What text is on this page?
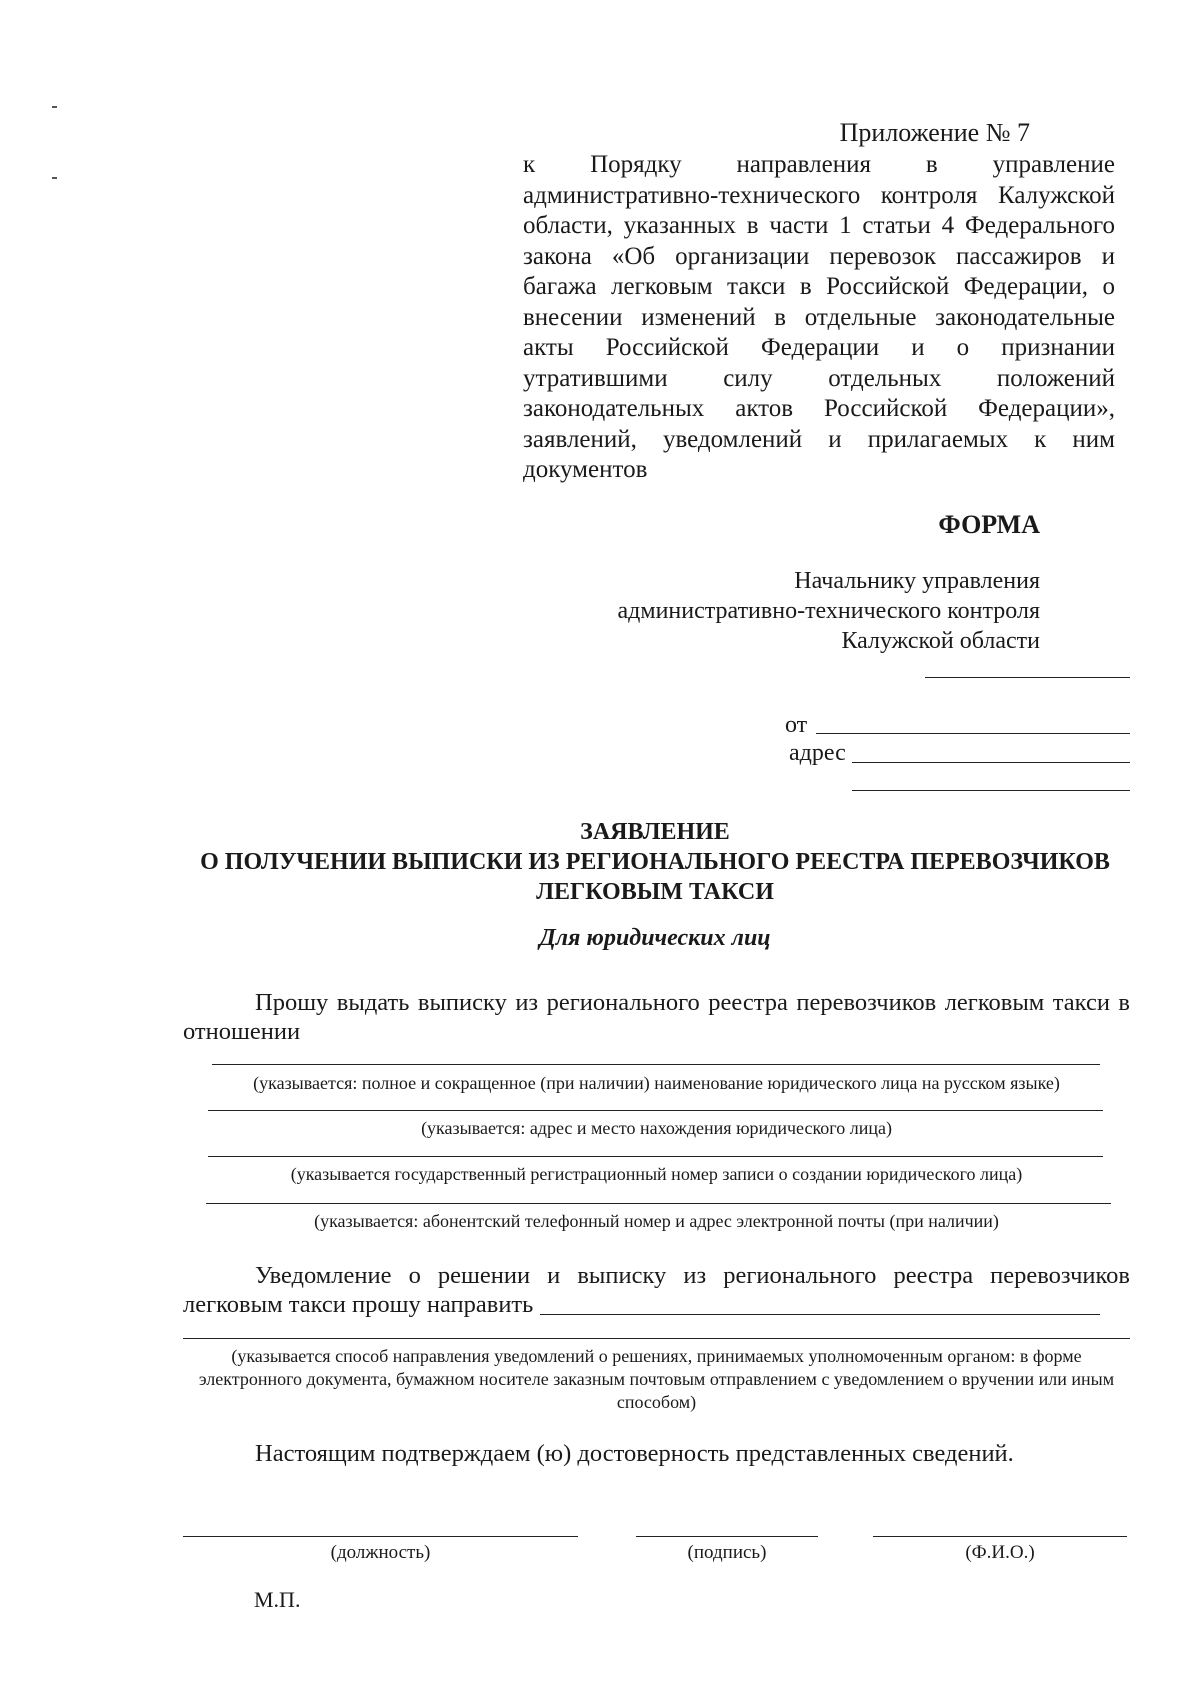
Приложение № 7
к Порядку направления в управление административно-технического контроля Калужской области, указанных в части 1 статьи 4 Федерального закона «Об организации перевозок пассажиров и багажа легковым такси в Российской Федерации, о внесении изменений в отдельные законодательные акты Российской Федерации и о признании утратившими силу отдельных положений законодательных актов Российской Федерации», заявлений, уведомлений и прилагаемых к ним документов
ФОРМА
Начальнику управления
административно-технического контроля
Калужской области
от
адрес
ЗАЯВЛЕНИЕ
О ПОЛУЧЕНИИ ВЫПИСКИ ИЗ РЕГИОНАЛЬНОГО РЕЕСТРА ПЕРЕВОЗЧИКОВ
ЛЕГКОВЫМ ТАКСИ
Для юридических лиц
Прошу выдать выписку из регионального реестра перевозчиков легковым такси в отношении
(указывается: полное и сокращенное (при наличии) наименование юридического лица на русском языке)
(указывается: адрес и место нахождения юридического лица)
(указывается государственный регистрационный номер записи о создании юридического лица)
(указывается: абонентский телефонный номер и адрес электронной почты (при наличии)
Уведомление о решении и выписку из регионального реестра перевозчиков легковым такси прошу направить
(указывается способ направления уведомлений о решениях, принимаемых уполномоченным органом: в форме электронного документа, бумажном носителе заказным почтовым отправлением с уведомлением о вручении или иным способом)
Настоящим подтверждаем (ю) достоверность представленных сведений.
(должность)	(подпись)	(Ф.И.О.)
М.П.
